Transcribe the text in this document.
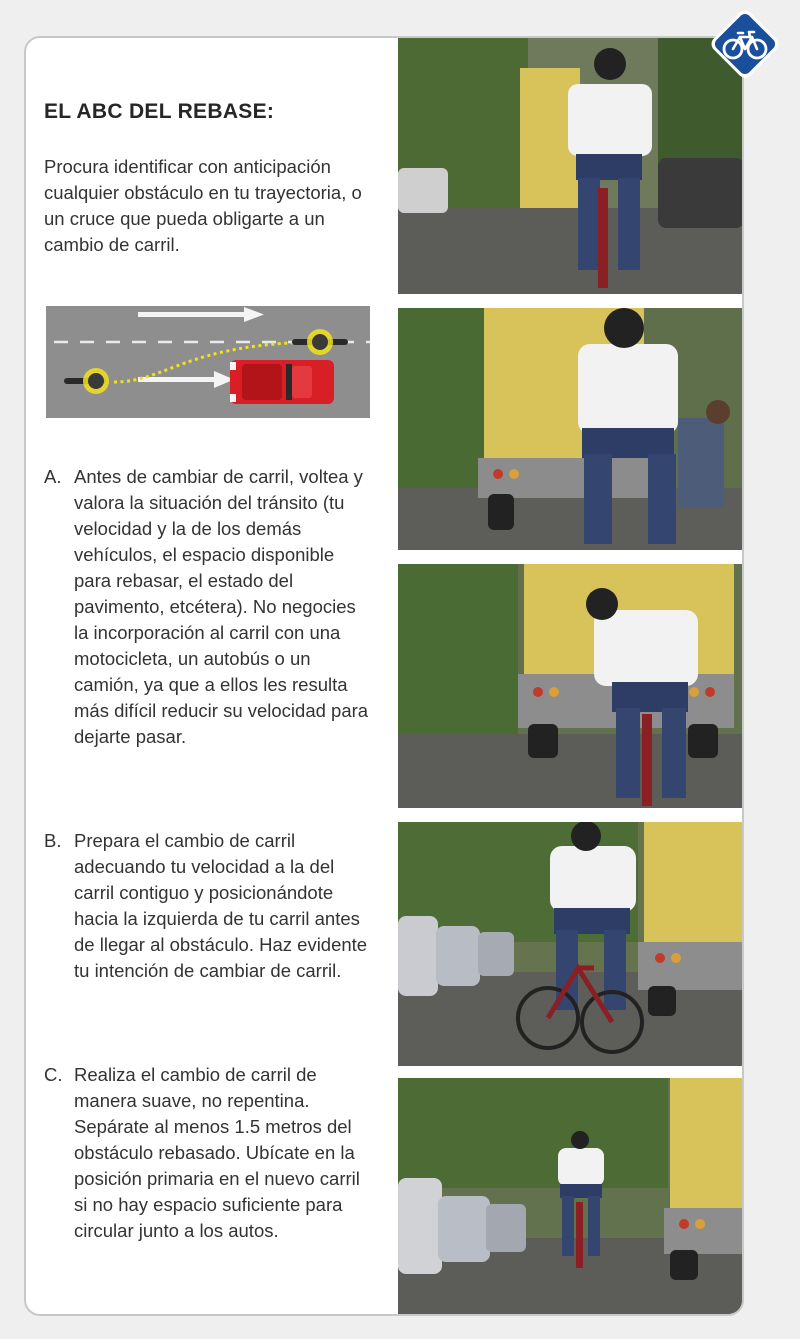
EL ABC DEL REBASE:

Procura identificar con anticipación cualquier obstáculo en tu trayectoria, o un cruce que pueda obligarte a un cambio de carril.

A. Antes de cambiar de carril, voltea y valora la situación del tránsito (tu velocidad y la de los demás vehículos, el espacio disponible para rebasar, el estado del pavimento, etcétera). No negocies la incorporación al carril con una motocicleta, un autobús o un camión, ya que a ellos les resulta más difícil reducir su velocidad para dejarte pasar.

B. Prepara el cambio de carril adecuando tu velocidad a la del carril contiguo y posicionándote hacia la izquierda de tu carril antes de llegar al obstáculo. Haz evidente tu intención de cambiar de carril.

C. Realiza el cambio de carril de manera suave, no repentina. Sepárate al menos 1.5 metros del obstáculo rebasado. Ubícate en la posición primaria en el nuevo carril si no hay espacio suficiente para circular junto a los autos.
